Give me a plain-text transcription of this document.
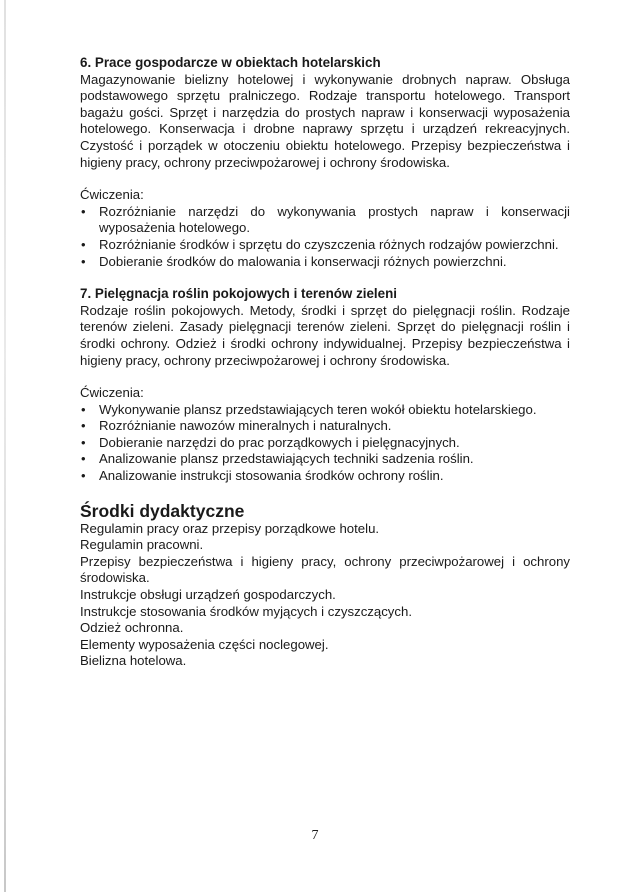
6. Prace gospodarcze w obiektach hotelarskich

Magazynowanie bielizny hotelowej i wykonywanie drobnych napraw. Obsługa podstawowego sprzętu pralniczego. Rodzaje transportu hotelowego. Transport bagażu gości. Sprzęt i narzędzia do prostych napraw i konserwacji wyposażenia hotelowego. Konserwacja i drobne naprawy sprzętu i urządzeń rekreacyjnych. Czystość i porządek w otoczeniu obiektu hotelowego. Przepisy bezpieczeństwa i higieny pracy, ochrony przeciwpożarowej i ochrony środowiska.

Ćwiczenia:

• Rozróżnianie narzędzi do wykonywania prostych napraw i konserwacji wyposażenia hotelowego.
• Rozróżnianie środków i sprzętu do czyszczenia różnych rodzajów powierzchni.
• Dobieranie środków do malowania i konserwacji różnych powierzchni.
7. Pielęgnacja roślin pokojowych i terenów zieleni

Rodzaje roślin pokojowych. Metody, środki i sprzęt do pielęgnacji roślin. Rodzaje terenów zieleni. Zasady pielęgnacji terenów zieleni. Sprzęt do pielęgnacji roślin i środki ochrony. Odzież i środki ochrony indywidualnej. Przepisy bezpieczeństwa i higieny pracy, ochrony przeciwpożarowej i ochrony środowiska.

Ćwiczenia:

• Wykonywanie plansz przedstawiających teren wokół obiektu hotelarskiego.
• Rozróżnianie nawozów mineralnych i naturalnych.
• Dobieranie narzędzi do prac porządkowych i pielęgnacyjnych.
• Analizowanie plansz przedstawiających techniki sadzenia roślin.
• Analizowanie instrukcji stosowania środków ochrony roślin.
Środki dydaktyczne

Regulamin pracy oraz przepisy porządkowe hotelu.

Regulamin pracowni.

Przepisy bezpieczeństwa i higieny pracy, ochrony przeciwpożarowej i ochrony środowiska.

Instrukcje obsługi urządzeń gospodarczych.

Instrukcje stosowania środków myjących i czyszczących.

Odzież ochronna.

Elementy wyposażenia części noclegowej.

Bielizna hotelowa.

7
